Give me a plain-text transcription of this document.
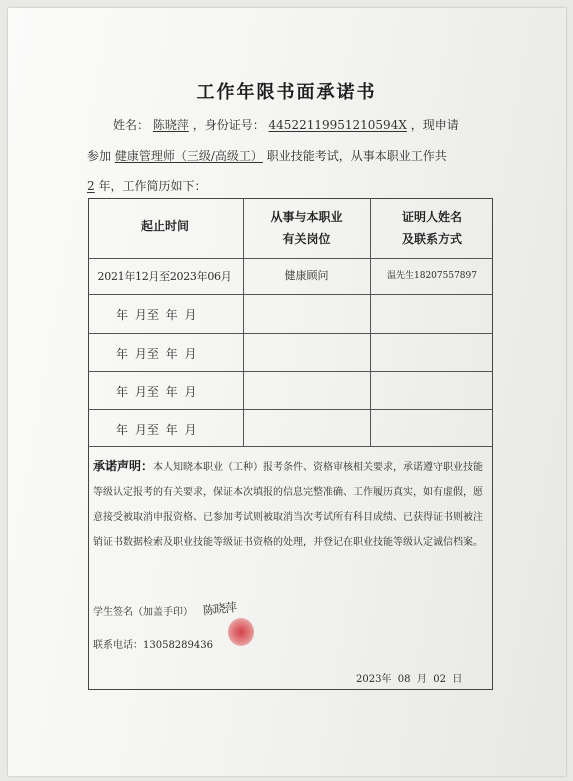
工作年限书面承诺书
姓名： 陈晓萍 ，身份证号： 44522119951210594X ，现申请
参加 健康管理师（三级/高级工） 职业技能考试，从事本职业工作共
2 年，工作简历如下：
起止时间
从事与本职业
有关岗位
证明人姓名
及联系方式
2021年12月至2023年06月	健康顾问	温先生18207557897
年 月至 年 月
年 月至 年 月
年 月至 年 月
年 月至 年 月
承诺声明：本人知晓本职业（工种）报考条件、资格审核相关要求，承诺遵守职业技能等级认定报考的有关要求，保证本次填报的信息完整准确、工作履历真实，如有虚假，愿意接受被取消申报资格、已参加考试则被取消当次考试所有科目成绩、已获得证书则被注销证书数据检索及职业技能等级证书资格的处理，并登记在职业技能等级认定诚信档案。
学生签名（加盖手印） 陈晓萍
联系电话：13058289436
2023年  08  月  02  日
